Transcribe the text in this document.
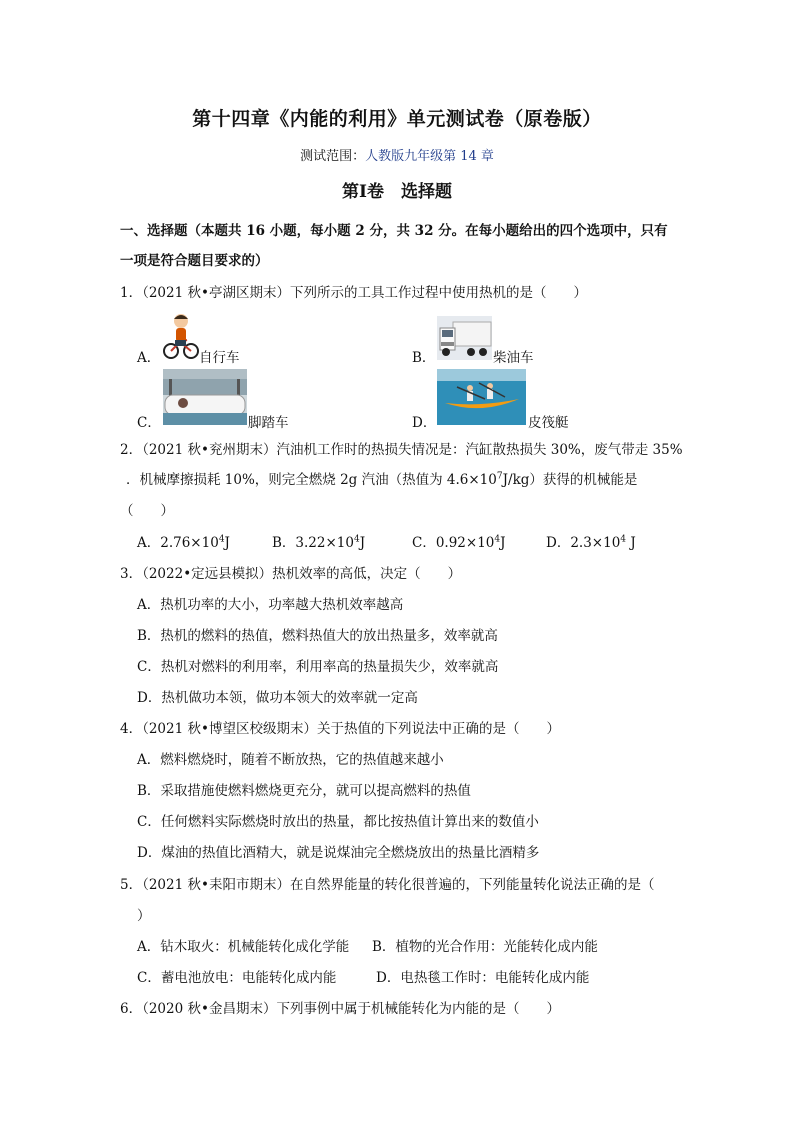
第十四章《内能的利用》单元测试卷（原卷版）
测试范围：人教版九年级第 14 章
第Ⅰ卷　选择题
一、选择题（本题共 16 小题，每小题 2 分，共 32 分。在每小题给出的四个选项中，只有
一项是符合题目要求的）
1．（2021 秋•亭湖区期末）下列所示的工具工作过程中使用热机的是（　　）
A．	自行车	B．	柴油车
C．	脚踏车	D．	皮筏艇
2．（2021 秋•兖州期末）汽油机工作时的热损失情况是：汽缸散热损失 30%，废气带走 35%
．机械摩擦损耗 10%，则完全燃烧 2g 汽油（热值为 $4.6\times 10^7J/kg$）获得的机械能是
（　　）
A．$2.76\times 10^4J$	B．$3.22\times 10^4J$	C．$0.92\times 10^4J$	D．$2.3\times 10^4$ J
3．（2022•定远县模拟）热机效率的高低，决定（　　）
A．热机功率的大小，功率越大热机效率越高
B．热机的燃料的热值，燃料热值大的放出热量多，效率就高
C．热机对燃料的利用率，利用率高的热量损失少，效率就高
D．热机做功本领，做功本领大的效率就一定高
4．（2021 秋•博望区校级期末）关于热值的下列说法中正确的是（　　）
A．燃料燃烧时，随着不断放热，它的热值越来越小
B．采取措施使燃料燃烧更充分，就可以提高燃料的热值
C．任何燃料实际燃烧时放出的热量，都比按热值计算出来的数值小
D．煤油的热值比酒精大，就是说煤油完全燃烧放出的热量比酒精多
5．（2021 秋•耒阳市期末）在自然界能量的转化很普遍的，下列能量转化说法正确的是（
）
A．钻木取火：机械能转化成化学能 B．植物的光合作用：光能转化成内能
C．蓄电池放电：电能转化成内能	D．电热毯工作时：电能转化成内能
6．（2020 秋•金昌期末）下列事例中属于机械能转化为内能的是（　　）
